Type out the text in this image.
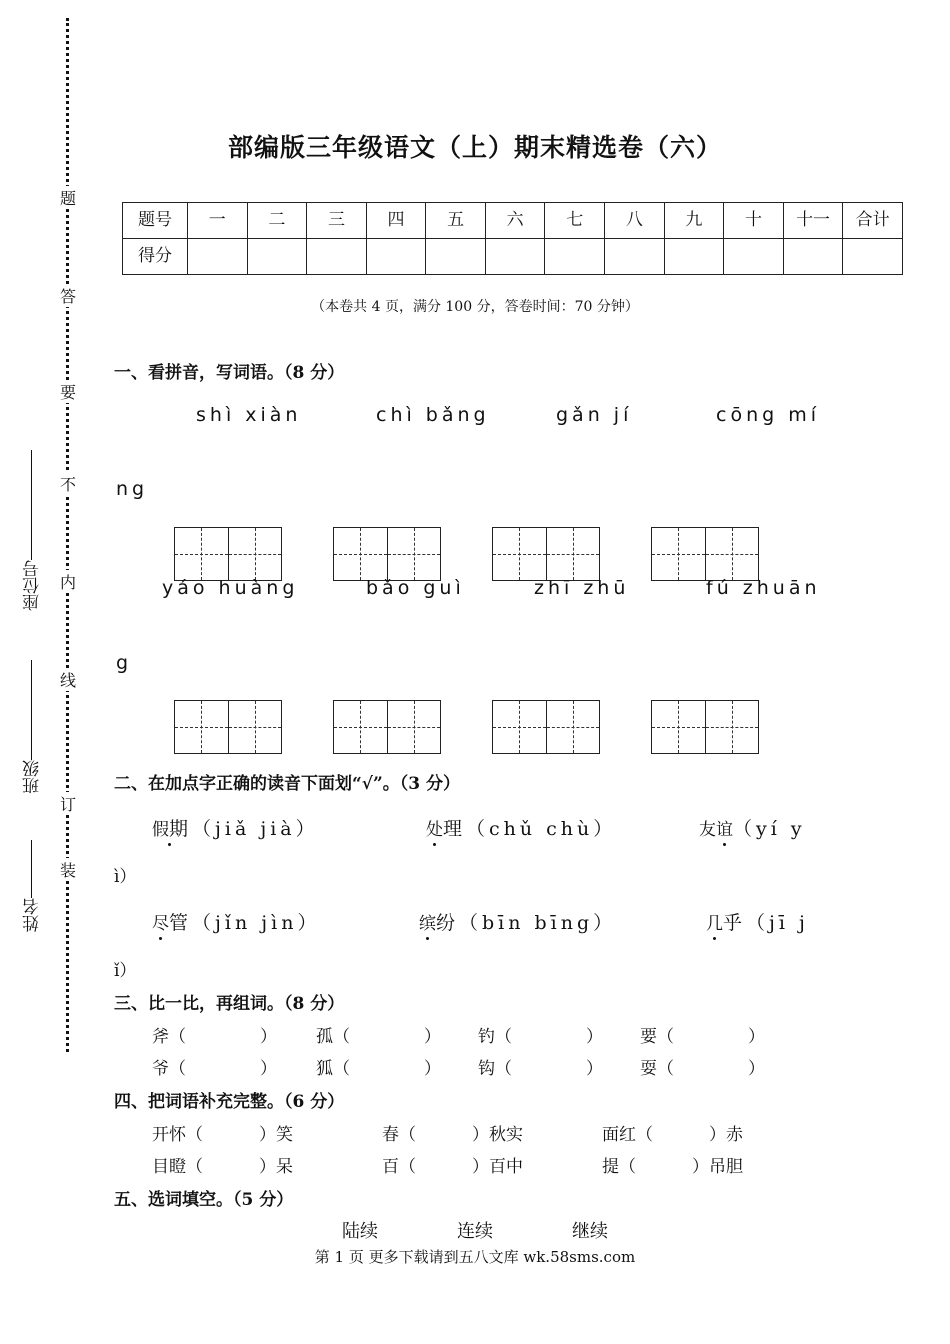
姓名
班级
座位号
装
订
线
内
不
要
答
题
部编版三年级语文（上）期末精选卷（六）
题号	一	二	三	四	五	六	七	八	九	十	十一	合计
得分												
（本卷共 4 页，满分 100 分，答卷时间：70 分钟）
一、看拼音，写词语。（8 分）
shì xiàn	chì bǎng	gǎn jí	cōng mí
ng
yáo huàng	bǎo guì	zhī zhū	fú zhuān
g
二、在加点字正确的读音下面划“√”。（3 分）
假期（jiǎ jià）	处理（chǔ chù）	友谊（yí y
ì）
尽管（jǐn jìn）	缤纷（bīn bīng）	几乎（jī j
ǐ）
三、比一比，再组词。（8 分）
斧（	） 孤（	） 钓（	） 要（	）
爷（	） 狐（	） 钩（	） 耍（	）
四、把词语补充完整。（6 分）
开怀（	）笑	春（	）秋实	面红（	）赤
目瞪（	）呆	百（	）百中	提（	）吊胆
五、选词填空。（5 分）
陆续	连续	继续
第 1 页 更多下载请到五八文库 wk.58sms.com
